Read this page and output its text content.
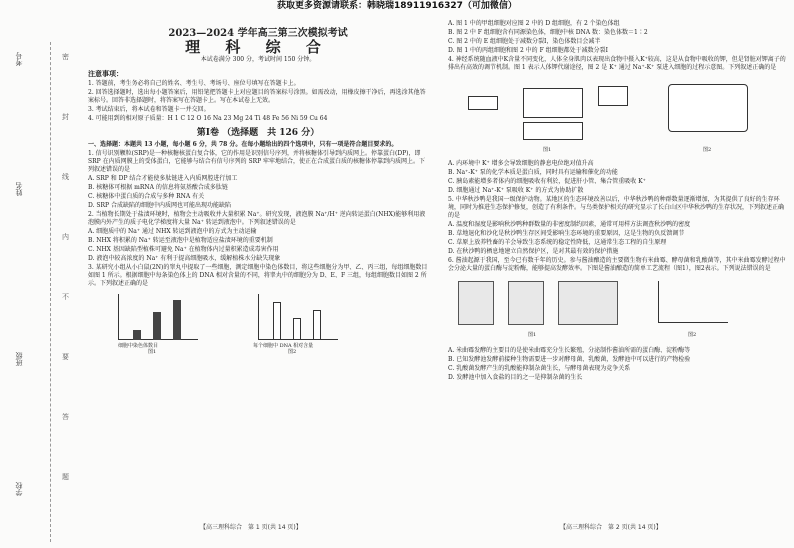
获取更多资源请联系：韩晓瑞18911916327（可加微信）
考号
姓名
班级
学校
密
封
线
内
不
要
答
题
2023—2024 学年高三第三次模拟考试
理 科 综 合
本试卷满分 300 分，考试时间 150 分钟。
注意事项：
1. 答题前，考生务必将自己的姓名、考生号、考场号、座位号填写在答题卡上。
2. 回答选择题时，选出每小题答案后，用铅笔把答题卡上对应题目的答案标号涂黑。如需改动，用橡皮擦干净后，再选涂其他答案标号。回答非选择题时，将答案写在答题卡上。写在本试卷上无效。
3. 考试结束后，将本试卷和答题卡一并交回。
4. 可能用到的相对原子质量：H 1 C 12 O 16 Na 23 Mg 24 Ti 48 Fe 56 Ni 59 Cu 64
第Ⅰ卷 （选择题　共 126 分）
一、选择题：本题共 13 小题，每小题 6 分，共 78 分。在每小题给出的四个选项中，只有一项是符合题目要求的。
1. 信号识别颗粒(SRP)是一种核糖核蛋白复合体，它的作用是识别信号序列，并将核糖体引导到内质网上。停靠蛋白(DP)，即 SRP 在内质网膜上的受体蛋白，它能够与结合有信号序列的 SRP 牢牢地结合，使正在合成蛋白质的核糖体停靠到内质网上。下列叙述错误的是
A. SRP 和 DP 结合才能使多肽链进入内质网腔进行加工
B. 核糖体可根据 mRNA 的信息将氨基酸合成多肽链
C. 核糖体中蛋白质的合成与多种 RNA 有关
D. SRP 合成缺陷的细胞中内质网也可能出现功能缺陷
2. 当植物长期处于盐渍环境时，植物会主动吸收并大量积累 Na⁺。研究发现，液泡膜 Na⁺/H⁺ 逆向转运蛋白(NHX)能够利用液泡膜内外产生的质子电化学梯度将大量 Na⁺ 转运到液泡中。下列叙述错误的是
A. 细胞质中的 Na⁺ 通过 NHX 转运到液泡中的方式为主动运输
B. NHX 将积累的 Na⁺ 转运至液泡中是植物适应盐渍环境的重要机制
C. NHX 基因缺陷型植株可避免 Na⁺ 在植物体内过量积累造成毒害作用
D. 液泡中较高浓度的 Na⁺ 有利于提高细胞吸水，缓解植株水分缺失现象
3. 某研究小组从小白鼠(2N)的睾丸中提取了一些细胞，测定细胞中染色体数目，将这些细胞分为甲、乙、丙三组，每组细胞数目如图 1 所示。根据细胞中每条染色体上的 DNA 相对含量的不同，将睾丸中的细胞分为 D、E、F 三组，每组细胞数目如图 2 所示。下列叙述正确的是
细胞中染色体数目
图1
每个细胞中 DNA 相对含量
图2
【高三理科综合　第 1 页(共 14 页)】
A. 图 1 中的甲组细胞对应图 2 中的 D 组细胞，有 2 个染色体组
B. 图 2 中 F 组细胞含有同源染色体，细胞中核 DNA 数：染色体数＝1∶2
C. 图 2 中的 E 组细胞处于减数分裂Ⅰ，染色体数目会减半
D. 图 1 中的丙组细胞和图 2 中的 F 组细胞都处于减数分裂Ⅰ
4. 神经系统随血液中K含量不同变化，人体全身肌肉以表现出食物中摄入K⁺较高，这是从食物中吸收的钾，但是肾脏对钾离子的排出有高效的调节机制。图 1 表示人体钾代谢途径，图 2 是 K⁺ 通过 Na⁺-K⁺ 泵进入细胞的过程示意图。下列叙述正确的是
图1	图2
A. 内环境中 K⁺ 增多会导致细胞的静息电位绝对值升高
B. Na⁺-K⁺ 泵的化学本质是蛋白质，同时具有运输和催化的功能
C. 胰岛素能增多者体内的细胞吸收有利於，促进肝小管、集合管重吸收 K⁺
D. 细胞通过 Na⁺-K⁺ 泵吸收 K⁺ 的方式为协助扩散
5. 中华秋沙鸭是我国一级保护动物。某地区的生态环境改善以后，中华秋沙鸭的种群数量逐渐增加，为其提供了良好的生存环境，同时为推进生态保护修复，创造了有利条件。与鸟类保护相关的研究显示了长白山区中华秋沙鸭的生存状况，下列叙述正确的是
A. 温度和湿度是影响秋沙鸭种群数量的非密度制约因素，通常可用样方法调查秋沙鸭的密度
B. 草地退化和沙化是秋沙鸭生存区间受影响生态环境的重要原因，这是生物的负反馈调节
C. 草原上放养牲畜的羊会导致生态系统的稳定性降低，这通常生态工程的自生原理
D. 在秋沙鸭的栖息地建立自然保护区，是对其最有效的保护措施
6. 酱油起源于我国，至今已有数千年的历史。参与酱油酿造的主要微生物有米曲霉、酵母菌和乳酸菌等，其中米曲霉发酵过程中会分泌大量的蛋白酶与淀粉酶，能够提高发酵效率。下图是酱油酿造的简单工艺流程（图1），图2表示。下列说法错误的是
图1	图2
A. 米曲霉发酵的主要目的是使米曲霉充分生长繁殖，分泌制作酱油所需的蛋白酶、淀粉酶等
B. 已知发酵池发酵前接种生物需要进一步对酵母菌、乳酸菌，发酵池中可以进行的产物检验
C. 乳酸菌发酵产生的乳酸能抑制杂菌生长，与酵母菌表现为竞争关系
D. 发酵池中加入食盐的目的之一是抑制杂菌的生长
【高三理科综合　第 2 页(共 14 页)】
